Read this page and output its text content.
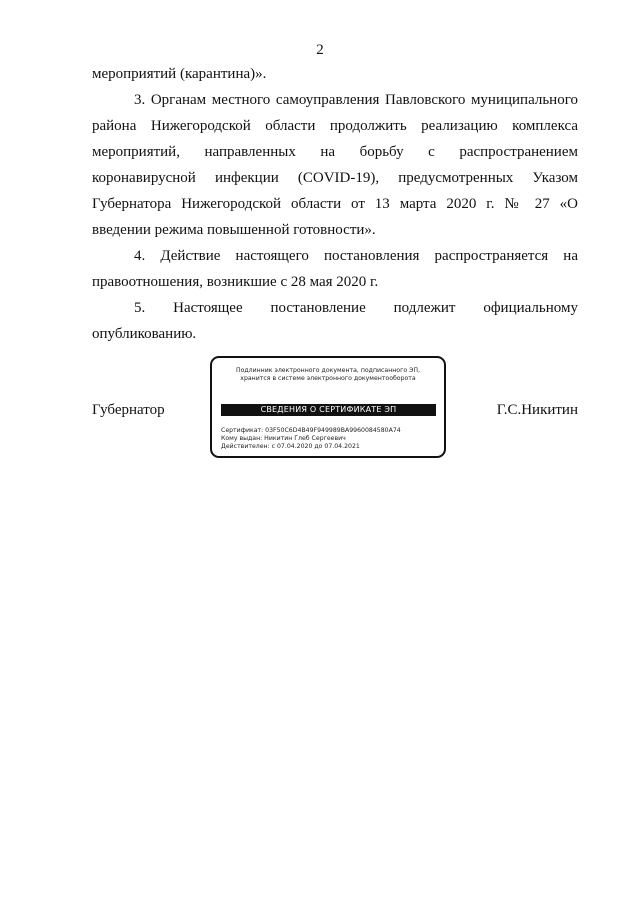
2
мероприятий (карантина)».
3. Органам местного самоуправления Павловского муниципального
района Нижегородской области продолжить реализацию комплекса
мероприятий, направленных на борьбу с распространением
коронавирусной инфекции (COVID-19), предусмотренных Указом
Губернатора Нижегородской области от 13 марта 2020 г. № 27 «О
введении режима повышенной готовности».
4. Действие настоящего постановления распространяется на
правоотношения, возникшие с 28 мая 2020 г.
5. Настоящее постановление подлежит официальному
опубликованию.
Губернатор
Подлинник электронного документа, подписанного ЭП,
хранится в системе электронного документооборота
СВЕДЕНИЯ О СЕРТИФИКАТЕ ЭП
Сертификат: 03F50C6D4B49F949989BA9960084580A74
Кому выдан: Никитин Глеб Сергеевич
Действителен: с 07.04.2020 до 07.04.2021
Г.С.Никитин
